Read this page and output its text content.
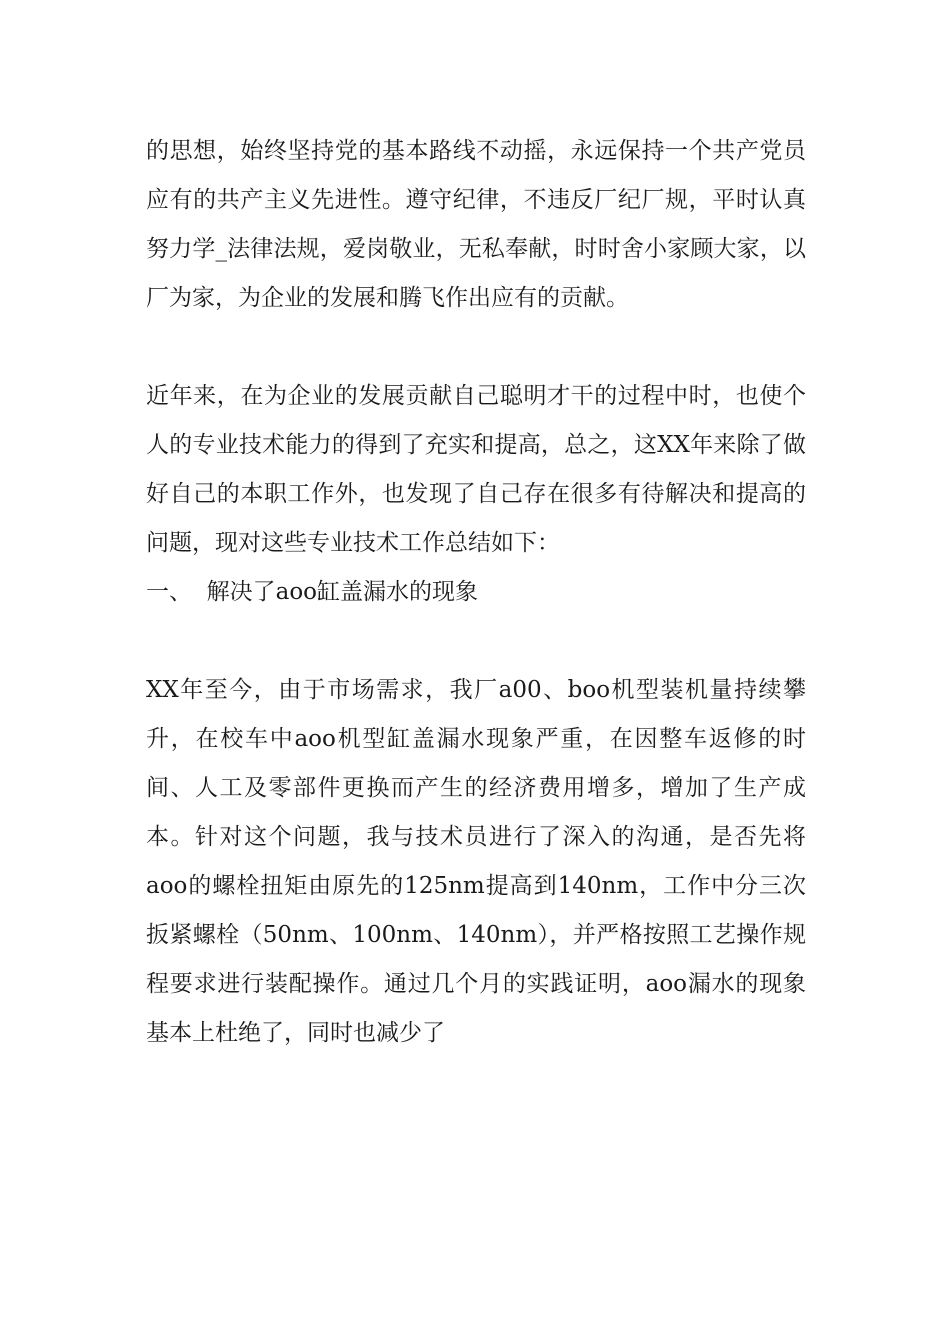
的思想，始终坚持党的基本路线不动摇，永远保持一个共产党员应有的共产主义先进性。遵守纪律，不违反厂纪厂规，平时认真努力学_法律法规，爱岗敬业，无私奉献，时时舍小家顾大家，以厂为家，为企业的发展和腾飞作出应有的贡献。

近年来，在为企业的发展贡献自己聪明才干的过程中时，也使个人的专业技术能力的得到了充实和提高，总之，这XX年来除了做好自己的本职工作外，也发现了自己存在很多有待解决和提高的问题，现对这些专业技术工作总结如下：

一、  解决了aoo缸盖漏水的现象

XX年至今，由于市场需求，我厂a00、boo机型装机量持续攀升，在校车中aoo机型缸盖漏水现象严重，在因整车返修的时间、人工及零部件更换而产生的经济费用增多，增加了生产成本。针对这个问题，我与技术员进行了深入的沟通，是否先将aoo的螺栓扭矩由原先的125nm提高到140nm，工作中分三次扳紧螺栓（50nm、100nm、140nm），并严格按照工艺操作规程要求进行装配操作。通过几个月的实践证明，aoo漏水的现象基本上杜绝了，同时也减少了
